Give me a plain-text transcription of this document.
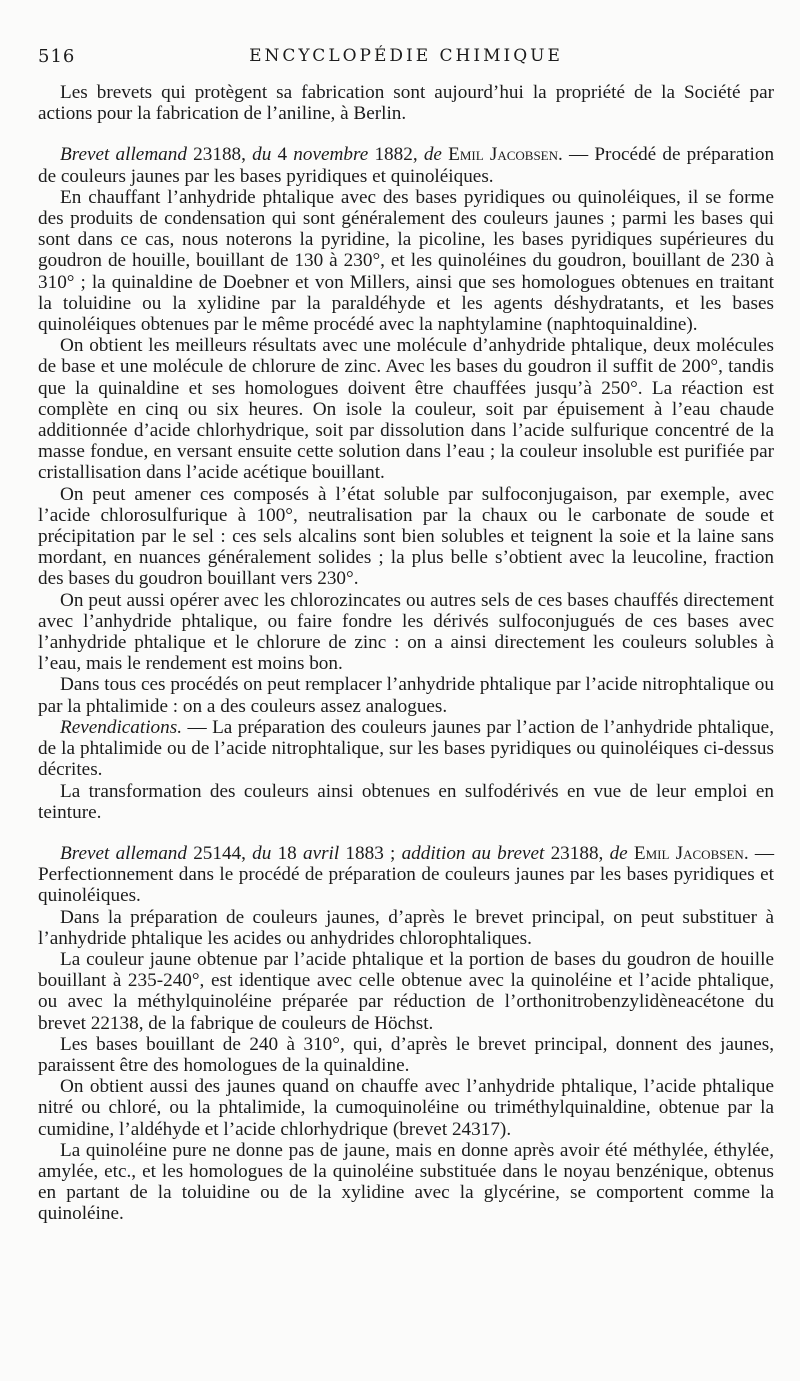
516	ENCYCLOPÉDIE CHIMIQUE

Les brevets qui protègent sa fabrication sont aujourd’hui la propriété de la Société par actions pour la fabrication de l’aniline, à Berlin.

Brevet allemand 23188, du 4 novembre 1882, de Emil Jacobsen. — Procédé de préparation de couleurs jaunes par les bases pyridiques et quinoléiques.

En chauffant l’anhydride phtalique avec des bases pyridiques ou quinoléiques, il se forme des produits de condensation qui sont généralement des couleurs jaunes ; parmi les bases qui sont dans ce cas, nous noterons la pyridine, la picoline, les bases pyridiques supérieures du goudron de houille, bouillant de 130 à 230°, et les quinoléines du goudron, bouillant de 230 à 310° ; la quinaldine de Doebner et von Millers, ainsi que ses homologues obtenues en traitant la toluidine ou la xylidine par la paraldéhyde et les agents déshydratants, et les bases quinoléiques obtenues par le même procédé avec la naphtylamine (naphtoquinaldine).

On obtient les meilleurs résultats avec une molécule d’anhydride phtalique, deux molécules de base et une molécule de chlorure de zinc. Avec les bases du goudron il suffit de 200°, tandis que la quinaldine et ses homologues doivent être chauffées jusqu’à 250°. La réaction est complète en cinq ou six heures. On isole la couleur, soit par épuisement à l’eau chaude additionnée d’acide chlorhydrique, soit par dissolution dans l’acide sulfurique concentré de la masse fondue, en versant ensuite cette solution dans l’eau ; la couleur insoluble est purifiée par cristallisation dans l’acide acétique bouillant.

On peut amener ces composés à l’état soluble par sulfoconjugaison, par exemple, avec l’acide chlorosulfurique à 100°, neutralisation par la chaux ou le carbonate de soude et précipitation par le sel : ces sels alcalins sont bien solubles et teignent la soie et la laine sans mordant, en nuances généralement solides ; la plus belle s’obtient avec la leucoline, fraction des bases du goudron bouillant vers 230°.

On peut aussi opérer avec les chlorozincates ou autres sels de ces bases chauffés directement avec l’anhydride phtalique, ou faire fondre les dérivés sulfoconjugués de ces bases avec l’anhydride phtalique et le chlorure de zinc : on a ainsi directement les couleurs solubles à l’eau, mais le rendement est moins bon.

Dans tous ces procédés on peut remplacer l’anhydride phtalique par l’acide nitrophtalique ou par la phtalimide : on a des couleurs assez analogues.

Revendications. — La préparation des couleurs jaunes par l’action de l’anhydride phtalique, de la phtalimide ou de l’acide nitrophtalique, sur les bases pyridiques ou quinoléiques ci-dessus décrites.

La transformation des couleurs ainsi obtenues en sulfodérivés en vue de leur emploi en teinture.

Brevet allemand 25144, du 18 avril 1883 ; addition au brevet 23188, de Emil Jacobsen. — Perfectionnement dans le procédé de préparation de couleurs jaunes par les bases pyridiques et quinoléiques.

Dans la préparation de couleurs jaunes, d’après le brevet principal, on peut substituer à l’anhydride phtalique les acides ou anhydrides chlorophtaliques.

La couleur jaune obtenue par l’acide phtalique et la portion de bases du goudron de houille bouillant à 235-240°, est identique avec celle obtenue avec la quinoléine et l’acide phtalique, ou avec la méthylquinoléine préparée par réduction de l’orthonitrobenzylidèneacétone du brevet 22138, de la fabrique de couleurs de Höchst.

Les bases bouillant de 240 à 310°, qui, d’après le brevet principal, donnent des jaunes, paraissent être des homologues de la quinaldine.

On obtient aussi des jaunes quand on chauffe avec l’anhydride phtalique, l’acide phtalique nitré ou chloré, ou la phtalimide, la cumoquinoléine ou triméthylquinaldine, obtenue par la cumidine, l’aldéhyde et l’acide chlorhydrique (brevet 24317).

La quinoléine pure ne donne pas de jaune, mais en donne après avoir été méthylée, éthylée, amylée, etc., et les homologues de la quinoléine substituée dans le noyau benzénique, obtenus en partant de la toluidine ou de la xylidine avec la glycérine, se comportent comme la quinoléine.
